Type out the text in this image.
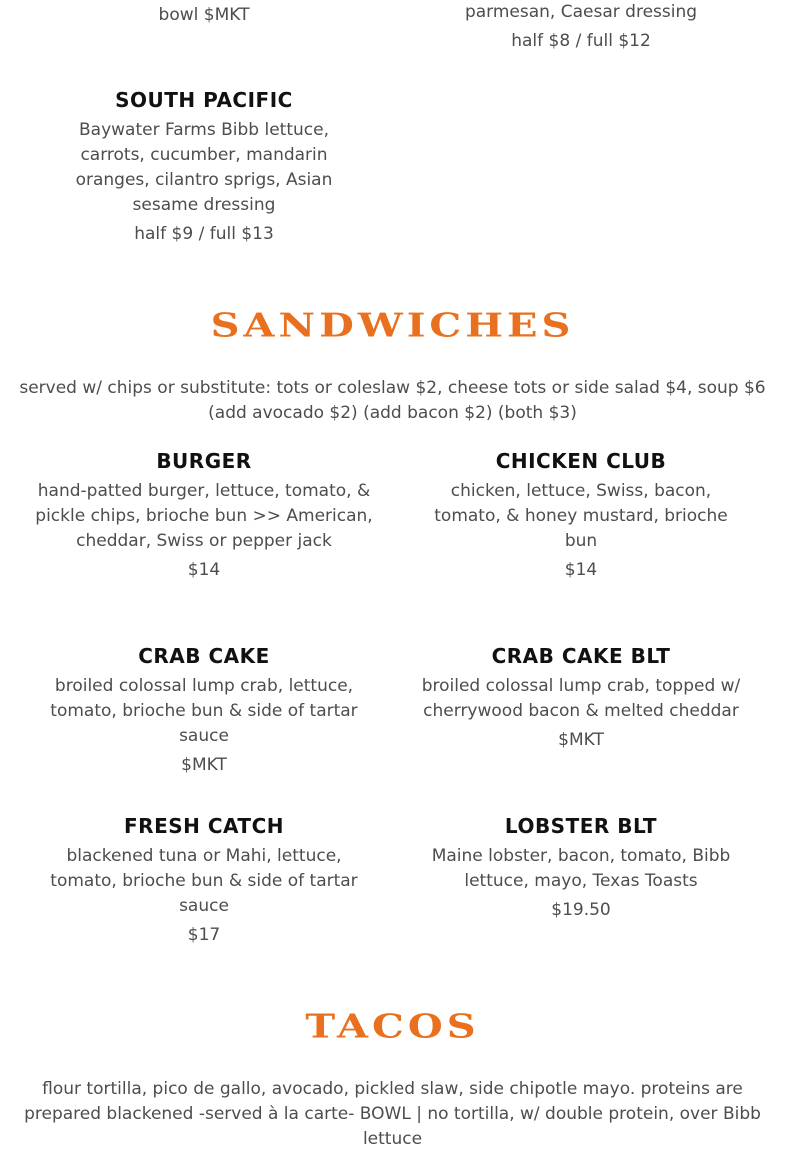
bowl $MKT	parmesan, Caesar dressing

half $8 / full $12

SOUTH PACIFIC

Baywater Farms Bibb lettuce, carrots, cucumber, mandarin oranges, cilantro sprigs, Asian sesame dressing

half $9 / full $13

SANDWICHES

served w/ chips or substitute: tots or coleslaw $2, cheese tots or side salad $4, soup $6 (add avocado $2) (add bacon $2) (both $3)

BURGER

hand-patted burger, lettuce, tomato, & pickle chips, brioche bun >> American, cheddar, Swiss or pepper jack

$14

CHICKEN CLUB

chicken, lettuce, Swiss, bacon, tomato, & honey mustard, brioche bun

$14

CRAB CAKE

broiled colossal lump crab, lettuce, tomato, brioche bun & side of tartar sauce

$MKT

CRAB CAKE BLT

broiled colossal lump crab, topped w/ cherrywood bacon & melted cheddar

$MKT

FRESH CATCH

blackened tuna or Mahi, lettuce, tomato, brioche bun & side of tartar sauce

$17

LOBSTER BLT

Maine lobster, bacon, tomato, Bibb lettuce, mayo, Texas Toasts

$19.50

TACOS

flour tortilla, pico de gallo, avocado, pickled slaw, side chipotle mayo. proteins are prepared blackened -served à la carte- BOWL | no tortilla, w/ double protein, over Bibb lettuce
